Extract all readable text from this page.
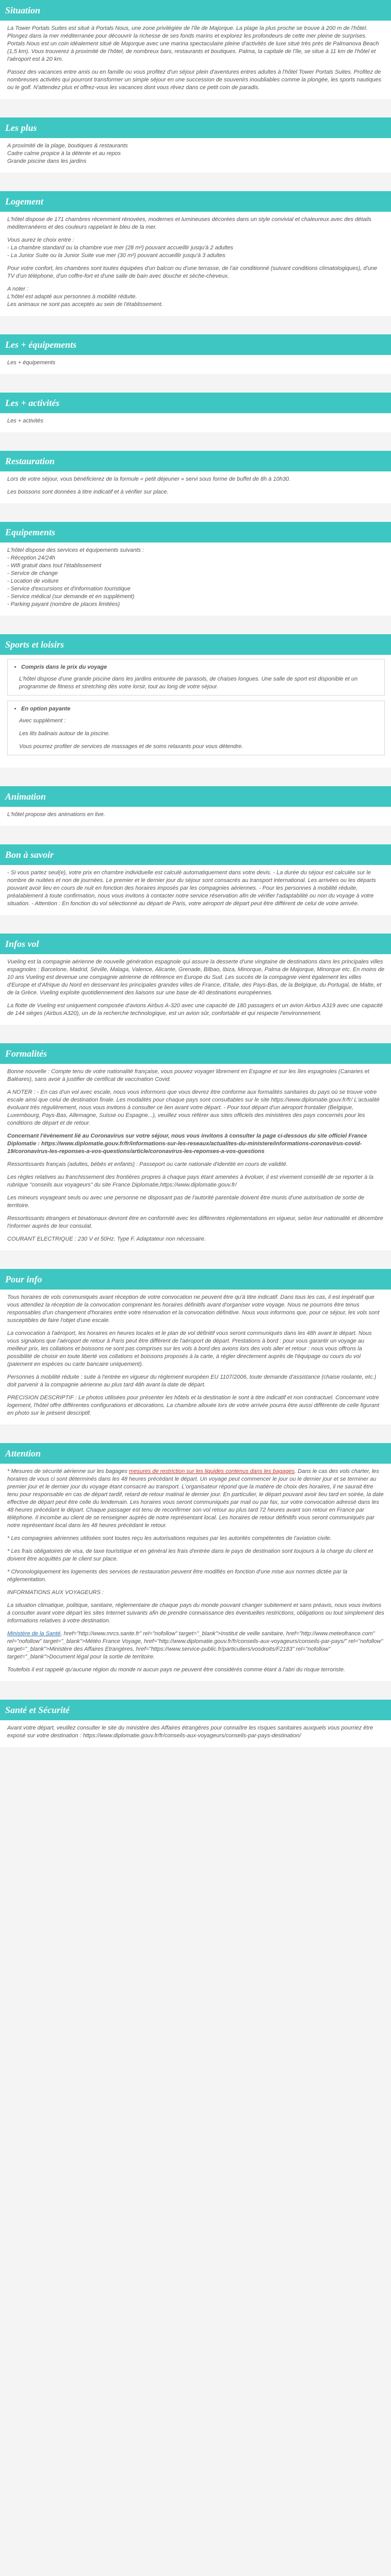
Situation

La Tower Portals Suites est situé à Portals Nous, une zone privilégiée de l'île de Majorque. La plage la plus proche se trouve à 200 m de l'hôtel. Plongez dans la mer méditerranée pour découvrir la richesse de ses fonds marins et explorez les profondeurs de cette mer pleine de surprises. Portals Nous est un coin idéalement situé de Majorque avec une marina spectaculaire pleine d'activités de luxe situé très près de Palmanova Beach (1,5 km). Vous trouverez à proximité de l'hôtel, de nombreux bars, restaurants et boutiques. Palma, la capitale de l'île, se situe à 11 km de l'hôtel et l'aéroport est à 20 km.

Passez des vacances entre amis ou en famille ou vous profitez d'un séjour plein d'aventures entres adultes à l'hôtel Tower Portals Suites. Profitez de nombreuses activités qui pourront transformer un simple séjour en une succession de souvenirs inoubliables comme la plongée, les sports nautiques ou le golf. N'attendez plus et offrez-vous les vacances dont vous rêvez dans ce petit coin de paradis.

Les plus
A proximité de la plage, boutiques & restaurants
Cadre calme propice à la détente et au repos
Grande piscine dans les jardins
Logement

L'hôtel dispose de 171 chambres récemment rénovées, modernes et lumineuses décorées dans un style convivial et chaleureux avec des détails méditerranéens et des couleurs rappelant le bleu de la mer.

Vous aurez le choix entre :
- La chambre standard ou la chambre vue mer (28 m²) pouvant accueillir jusqu'à 2 adultes
- La Junior Suite ou la Junior Suite vue mer (30 m²) pouvant accueillir jusqu'à 3 adultes

Pour votre confort, les chambres sont toutes équipées d'un balcon ou d'une terrasse, de l'air conditionné (suivant conditions climatologiques), d'une TV d'un téléphone, d'un coffre-fort et d'une salle de bain avec douche et sèche-cheveux.

A noter :
L'hôtel est adapté aux personnes à mobilité réduite.
Les animaux ne sont pas acceptés au sein de l'établissement.

Les + équipements
Les + équipements
Les + activités
Les + activités
Restauration

Lors de votre séjour, vous bénéficierez de la formule « petit déjeuner » servi sous forme de buffet de 8h à 10h30.

Les boissons sont données à titre indicatif et à vérifier sur place.

Equipements
L'hôtel dispose des services et équipements suivants :
- Réception 24/24h
- Wifi gratuit dans tout l'établissement
- Service de change
- Location de voiture
- Service d'excursions et d'information touristique
- Service médical (sur demande et en supplément)
- Parking payant (nombre de places limitées)
Sports et loisirs
• Compris dans le prix du voyage
L'hôtel dispose d'une grande piscine dans les jardins entourée de parasols, de chaises longues. Une salle de sport est disponible et un programme de fitness et stretching dès votre lorsir, tout au long de votre séjour.
• En option payante

Avec supplément :

Les lits balinais autour de la piscine.

Vous pourrez profiter de services de massages et de soins relaxants pour vous détendre.

Animation

L'hôtel propose des animations en live.

Bon à savoir

- Si vous partez seul(e), votre prix en chambre individuelle est calculé automatiquement dans votre devis. - La durée du séjour est calculée sur le nombre de nuitées et non de journées. Le premier et le dernier jour du séjour sont consacrés au transport international. Les arrivées ou les départs pouvant avoir lieu en cours de nuit en fonction des horaires imposés par les compagnies aériennes. - Pour les personnes à mobilité réduite, préalablement à toute confirmation, nous vous invitons à contacter notre service réservation afin de vérifier l'adaptabilité ou non du voyage à votre situation. - Attention : En fonction du vol sélectionné au départ de Paris, votre aéroport de départ peut être différent de celui de votre arrivée.

Infos vol

Vueling est la compagnie aérienne de nouvelle génération espagnole qui assure la desserte d'une vingtaine de destinations dans les principales villes espagnoles : Barcelone, Madrid, Séville, Malaga, Valence, Alicante, Grenade, Bilbao, Ibiza, Minorque, Palma de Majorque, Minorque etc. En moins de 10 ans Vueling est devenue une compagnie aérienne de référence en Europe du Sud. Les succès de la compagnie vient également les villes d'Europe et d'Afrique du Nord en desservant les principales grandes villes de France, d'Italie, des Pays-Bas, de la Belgique, du Portugal, de Malte, et de la Grèce. Vueling exploite quotidiennement des liaisons sur une base de 40 destinations européennes.

La flotte de Vueling est uniquement composée d'avions Airbus A-320 avec une capacité de 180 passagers et un avion Airbus A319 avec une capacité de 144 sièges (Airbus A320), un de la recherche technologique, est un avion sûr, confortable et qui respecte l'environnement.

Formalités

Bonne nouvelle : Compte tenu de votre nationalité française, vous pouvez voyager librement en Espagne et sur les îles espagnoles (Canaries et Baléares), sans avoir à justifier de certificat de vaccination Covid.

A NOTER : - En cas d'un vol avec escale, nous vous informons que vous devrez être conforme aux formalités sanitaires du pays où se trouve votre escale ainsi que celui de destination finale. Les modalités pour chaque pays sont consultables sur le site https://www.diplomatie.gouv.fr/fr/ L'actualité évoluant très régulièrement, nous vous invitons à consulter ce lien avant votre départ. - Pour tout départ d'un aéroport frontalier (Belgique, Luxembourg, Pays-Bas, Allemagne, Suisse ou Espagne...), veuillez vous référer aux sites officiels des ministères des pays concernés pour les conditions de départ et de retour.

Concernant l'évènement lié au Coronavirus sur votre séjour, nous vous invitons à consulter la page ci-dessous du site officiel France Diplomatie : https://www.diplomatie.gouv.fr/fr/informations-sur-les-reseaux/actualites-du-ministere/informations-coronavirus-covid-19/coronavirus-les-reponses-a-vos-questions/article/coronavirus-les-reponses-a-vos-questions

Ressortissants français (adultes, bébés et enfants) : Passeport ou carte nationale d'identité en cours de validité.

Les règles relatives au franchissement des frontières propres à chaque pays étant amenées à évoluer, il est vivement conseillé de se reporter à la rubrique "conseils aux voyageurs" du site France Diplomatie,https://www.diplomatie.gouv.fr/

Les mineurs voyageant seuls ou avec une personne ne disposant pas de l'autorité parentale doivent être munis d'une autorisation de sortie de territoire.

Ressortissants étrangers et binationaux devront être en conformité avec les différentes réglementations en vigueur, selon leur nationalité et décembre l'informer auprès de leur consulat.

COURANT ELECTRIQUE : 230 V et 50Hz. Type F. Adaptateur non nécessaire.

Pour info

Tous horaires de vols communiqués avant réception de votre convocation ne peuvent être qu'à titre indicatif. Dans tous les cas, il est impératif que vous attendiez la réception de la convocation comprenant les horaires définitifs avant d'organiser votre voyage. Nous ne pourrons être tenus responsables d'un changement d'horaires entre votre réservation et la convocation définitive. Nous vous informons que, pour ce séjour, les vols sont susceptibles de faire l'objet d'une escale.

La convocation à l'aéroport, les horaires en heures locales et le plan de vol définitif vous seront communiqués dans les 48h avant le départ. Nous vous signalons que l'aéroport de retour à Paris peut être différent de l'aéroport de départ. Prestations à bord : pour vous garantir un voyage au meilleur prix, les collations et boissons ne sont pas comprises sur les vols à bord des avions lors des vols aller et retour : nous vous offrons la possibilité de choisir en toute liberté vos collations et boissons proposés à la carte, à régler directement auprès de l'équipage ou cours du vol (paiement en espèces ou carte bancaire uniquement).

Personnes à mobilité réduite : suite à l'entrée en vigueur du règlement européen EU 1107/2006, toute demande d'assistance (chaise roulante, etc.) doit parvenir à la compagnie aérienne au plus tard 48h avant la date de départ.

PRECISION DESCRIPTIF : Le photos utilisées pour présenter les hôtels et la destination le sont à titre indicatif et non contractuel. Concernant votre logement, l'hôtel offre différentes configurations et décorations. La chambre allouée lors de votre arrivée pourra être aussi différente de celle figurant en photo sur le présent descriptif.

Attention

* Mesures de sécurité aérienne sur les bagages mesures de restriction sur les liquides contenus dans les bagages. Dans le cas des vols charter, les horaires de vous ci sont déterminés dans les 48 heures précédant le départ. Un voyage peut commencer le jour ou le dernier jour et se terminer au premier jour et le dernier jour du voyage étant consacré au transport. L'organisateur répond que la matière de choix des horaires, il ne saurait être tenu pour responsable en cas de départ tardif, retard de retour matinal le dernier jour. En particulier, le départ pouvant avoir lieu tard en soirée, la date effective de départ peut être celle du lendemain. Les horaires vous seront communiqués par mail ou par fax, sur votre convocation adressé dans les 48 heures précédant le départ. Chaque passager est tenu de reconfirmer son vol retour au plus tard 72 heures avant son retour en France par téléphone. Il incombe au client de se renseigner auprès de notre représentant local. Les horaires de retour définitifs vous seront communiqués par notre représentant local dans les 48 heures précédant le retour.

* Les compagnies aériennes utilisées sont toutes reçu les autorisations requises par les autorités compétentes de l'aviation civile.

* Les frais obligatoires de visa, de taxe touristique et en général les frais d'entrée dans le pays de destination sont toujours à la charge du client et doivent être acquittés par le client sur place.

* Chronologiquement les logements des services de restauration peuvent être modifiés en fonction d'une mise aux normes dictée par la réglementation.

INFORMATIONS AUX VOYAGEURS :

La situation climatique, politique, sanitaire, réglementaire de chaque pays du monde pouvant changer subitement et sans préavis, nous vous invitons à consulter avant votre départ les sites Internet suivants afin de prendre connaissance des éventuelles restrictions, obligations ou tout simplement des informations relatives à votre destination.

Ministère de la Santé, href="http://www.mrcs.sante.fr" rel="nofollow" target="_blank">Institut de veille sanitaire, href="http://www.meteofrance.com" rel="nofollow" target="_blank">Météo France Voyage, href="http://www.diplomatie.gouv.fr/fr/conseils-aux-voyageurs/conseils-par-pays/" rel="nofollow" target="_blank">Ministère des Affaires Etrangères, href="https://www.service-public.fr/particuliers/vosdroits/F2183" rel="nofollow" target="_blank">Document légal pour la sortie de territoire.

Toutefois il est rappelé qu'aucune région du monde ni aucun pays ne peuvent être considérés comme étant à l'abri du risque terroriste.

Santé et Sécurité

Avant votre départ, veuillez consulter le site du ministère des Affaires étrangères pour connaître les risques sanitaires auxquels vous pourriez être exposé sur votre destination : https://www.diplomatie.gouv.fr/fr/conseils-aux-voyageurs/conseils-par-pays-destination/
